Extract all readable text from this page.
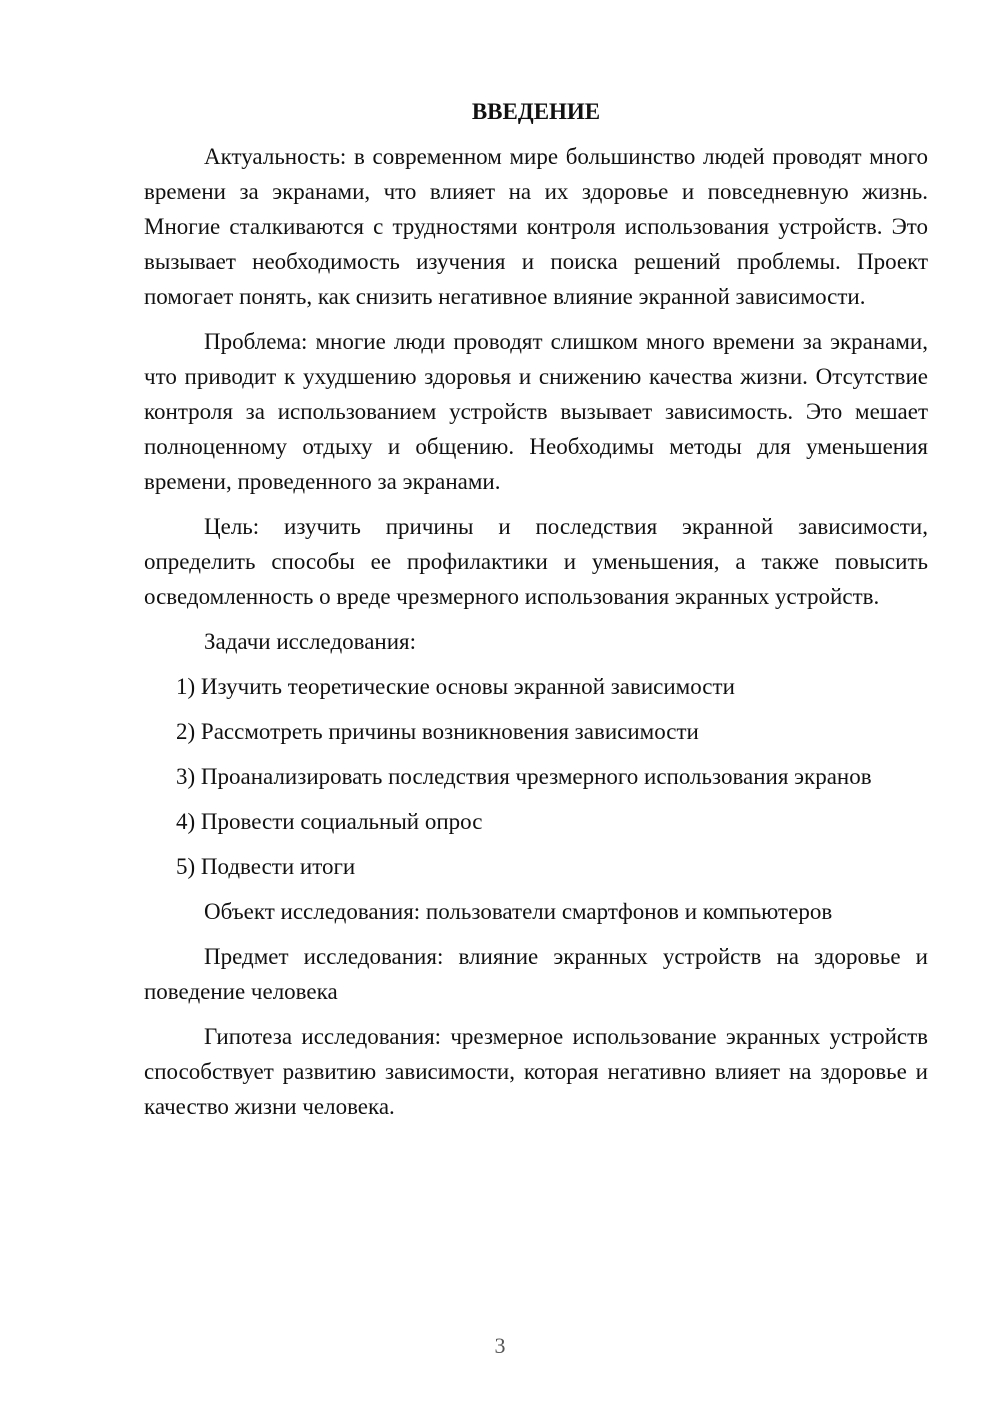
ВВЕДЕНИЕ

Актуальность: в современном мире большинство людей проводят много времени за экранами, что влияет на их здоровье и повседневную жизнь. Многие сталкиваются с трудностями контроля использования устройств. Это вызывает необходимость изучения и поиска решений проблемы. Проект помогает понять, как снизить негативное влияние экранной зависимости.

Проблема: многие люди проводят слишком много времени за экранами, что приводит к ухудшению здоровья и снижению качества жизни. Отсутствие контроля за использованием устройств вызывает зависимость. Это мешает полноценному отдыху и общению. Необходимы методы для уменьшения времени, проведенного за экранами.

Цель: изучить причины и последствия экранной зависимости, определить способы ее профилактики и уменьшения, а также повысить осведомленность о вреде чрезмерного использования экранных устройств.

Задачи исследования:

1) Изучить теоретические основы экранной зависимости

2) Рассмотреть причины возникновения зависимости

3) Проанализировать последствия чрезмерного использования экранов

4) Провести социальный опрос

5) Подвести итоги

Объект исследования: пользователи смартфонов и компьютеров

Предмет исследования: влияние экранных устройств на здоровье и поведение человека

Гипотеза исследования: чрезмерное использование экранных устройств способствует развитию зависимости, которая негативно влияет на здоровье и качество жизни человека.

3
